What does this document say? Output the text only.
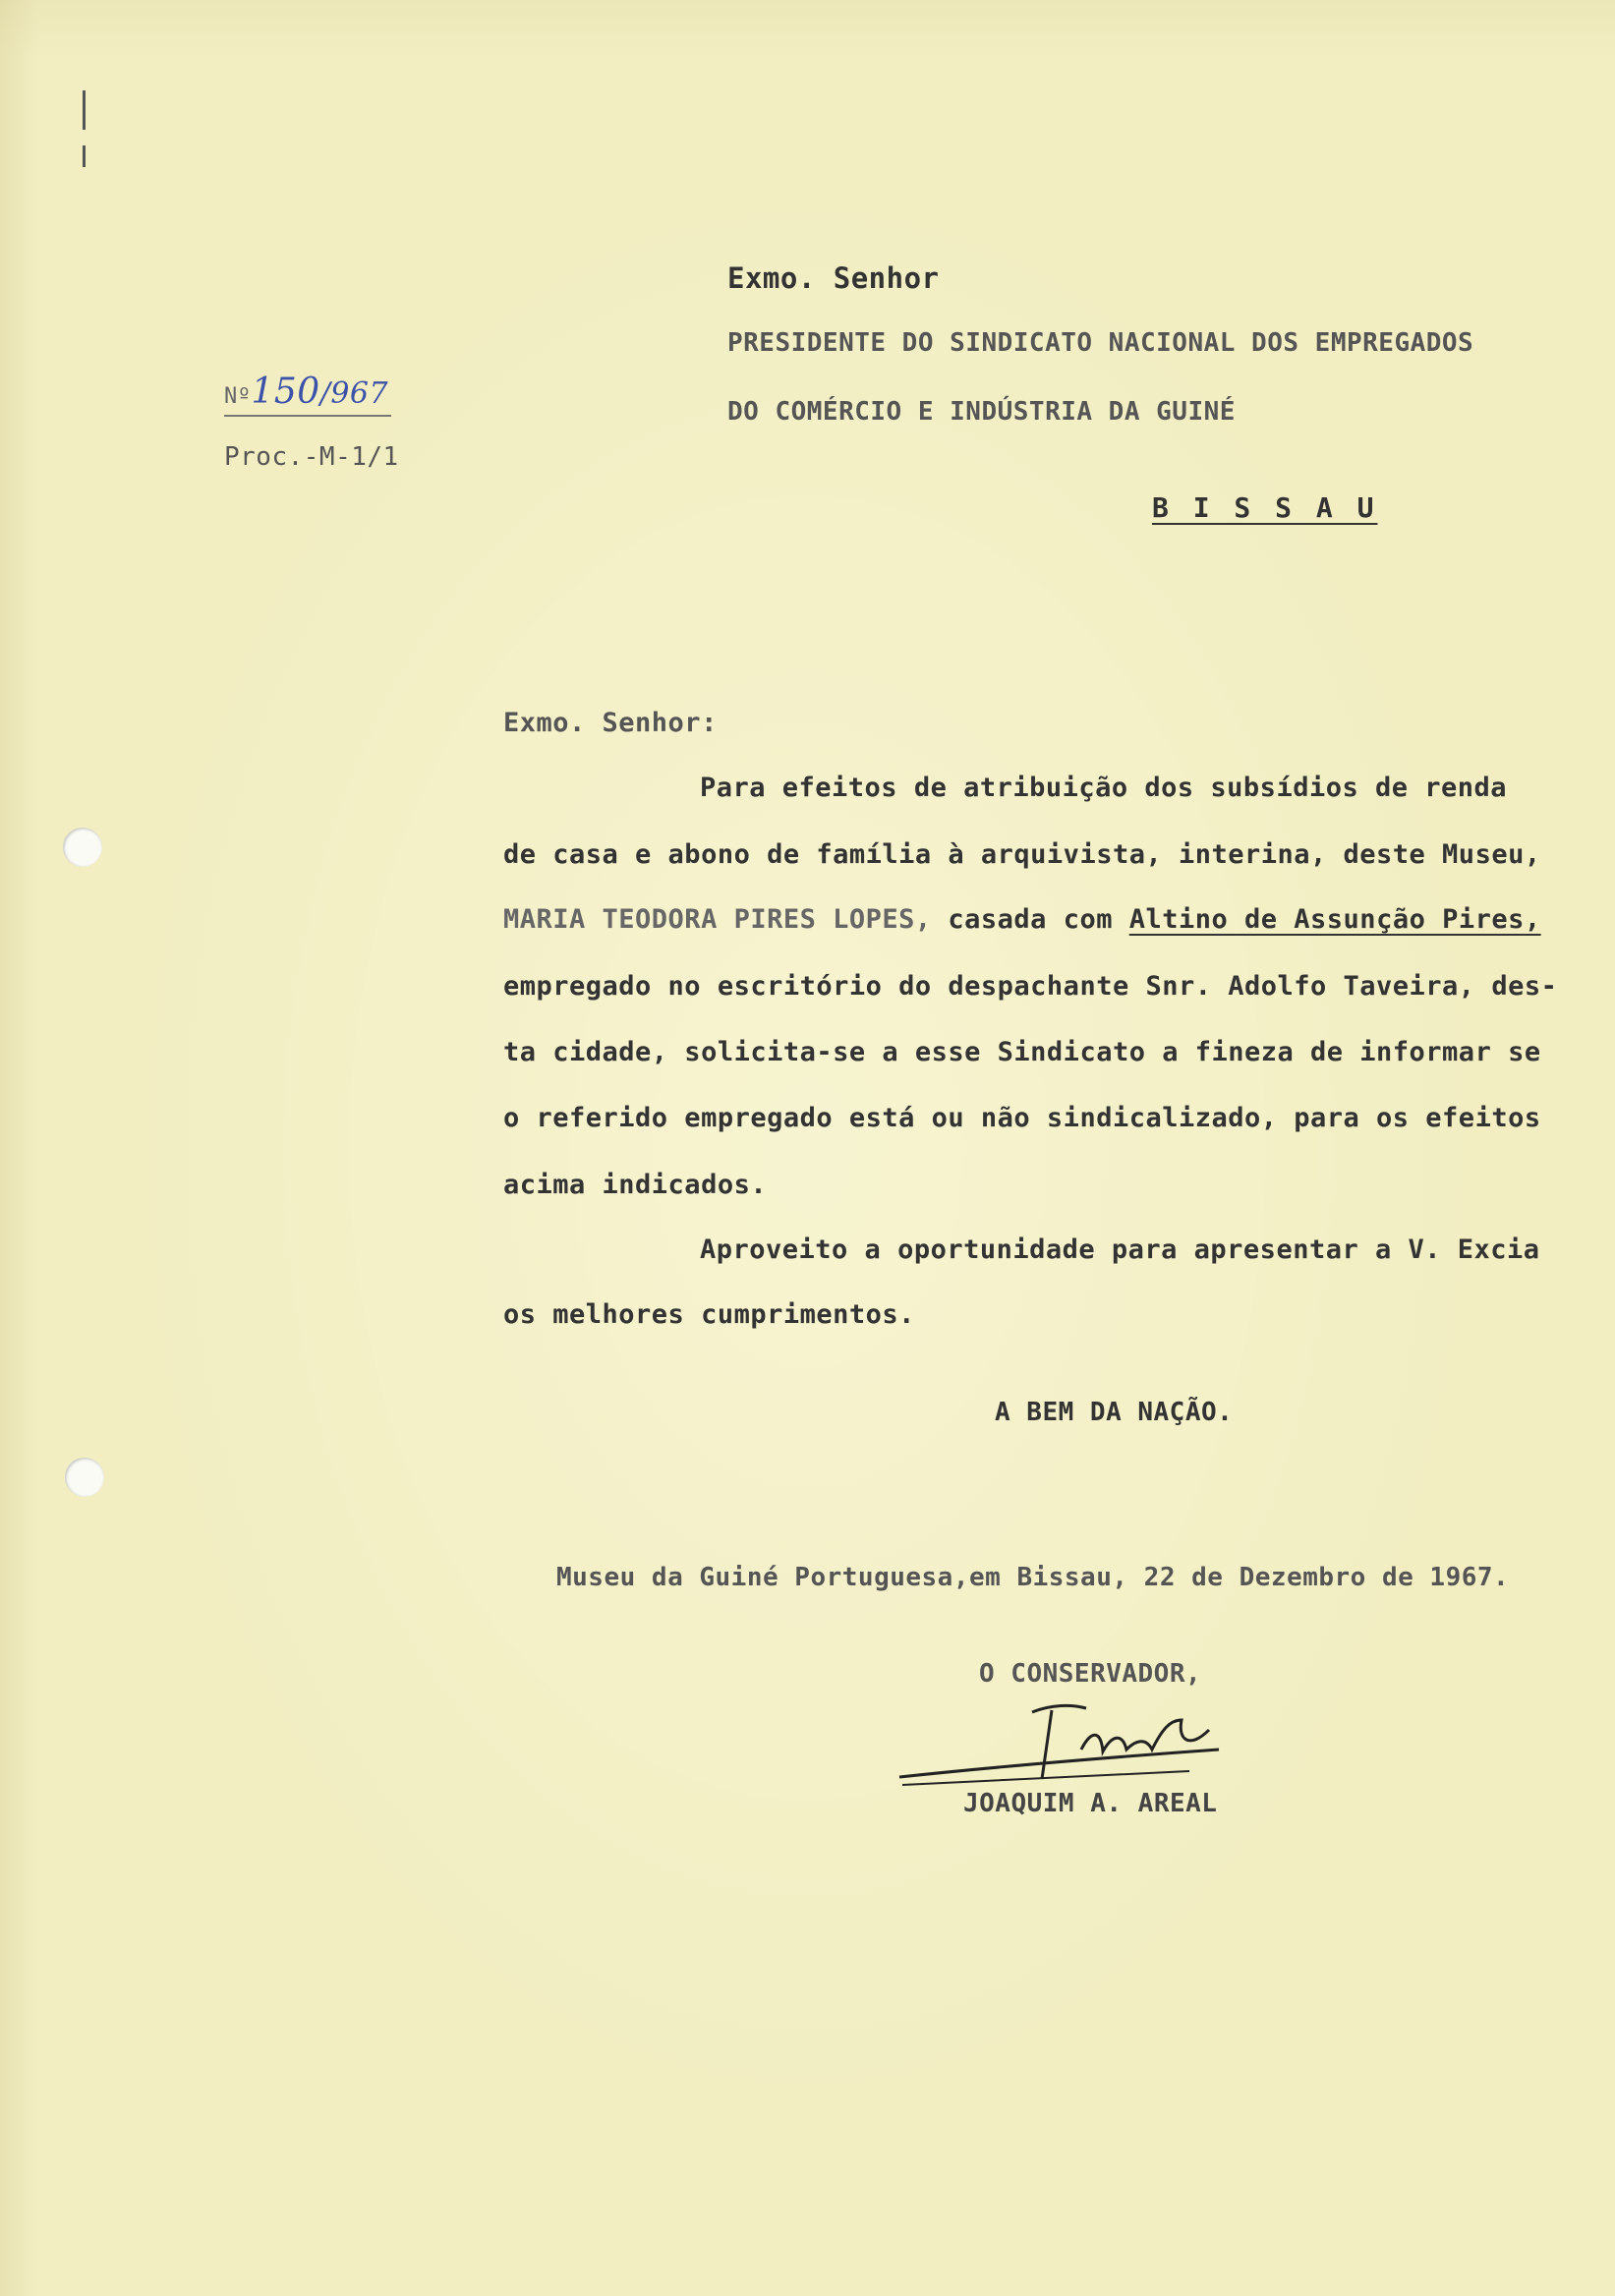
Exmo. Senhor
PRESIDENTE DO SINDICATO NACIONAL DOS EMPREGADOS
DO COMÉRCIO E INDÚSTRIA DA GUINÉ
B I S S A U
Nº150/967
Proc.-M-1/1
Exmo. Senhor:
Para efeitos de atribuição dos subsídios de renda
de casa e abono de família à arquivista, interina, deste Museu,
MARIA TEODORA PIRES LOPES, casada com Altino de Assunção Pires,
empregado no escritório do despachante Snr. Adolfo Taveira, des-
ta cidade, solicita-se a esse Sindicato a fineza de informar se
o referido empregado está ou não sindicalizado, para os efeitos
acima indicados.
Aproveito a oportunidade para apresentar a V. Excia
os melhores cumprimentos.
A BEM DA NAÇÃO.
Museu da Guiné Portuguesa,em Bissau, 22 de Dezembro de 1967.
O CONSERVADOR,
JOAQUIM A. AREAL
